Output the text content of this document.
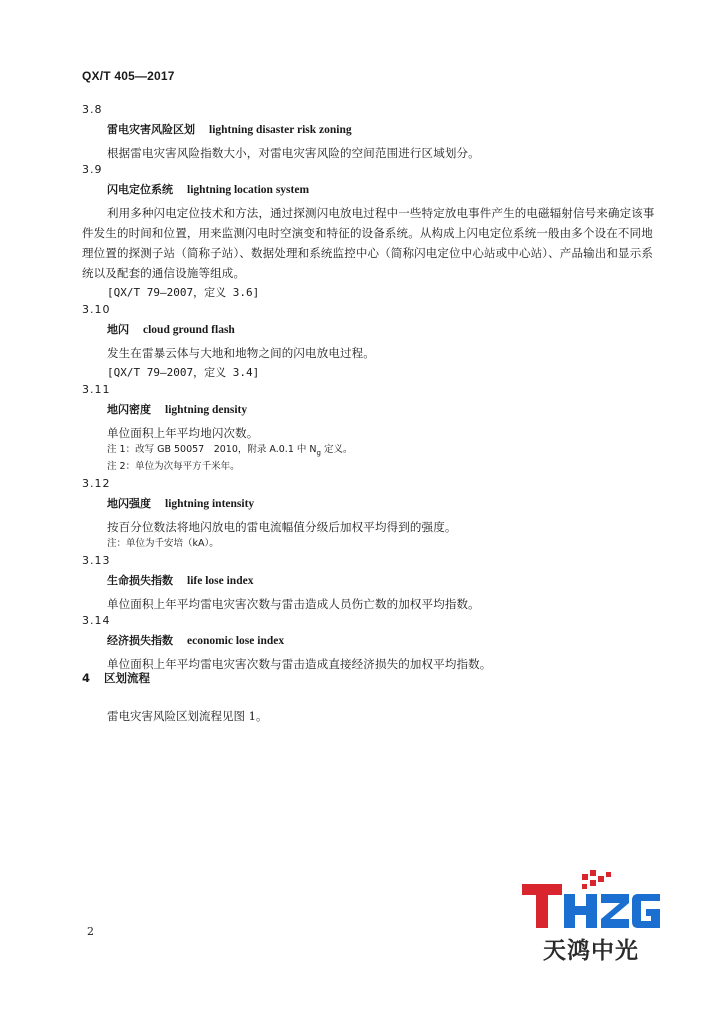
QX/T 405—2017
3.8
雷电灾害风险区划 lightning disaster risk zoning

根据雷电灾害风险指数大小，对雷电灾害风险的空间范围进行区域划分。

3.9
闪电定位系统 lightning location system

利用多种闪电定位技术和方法，通过探测闪电放电过程中一些特定放电事件产生的电磁辐射信号来确定该事件发生的时间和位置，用来监测闪电时空演变和特征的设备系统。从构成上闪电定位系统一般由多个设在不同地理位置的探测子站（简称子站）、数据处理和系统监控中心（简称闪电定位中心站或中心站）、产品输出和显示系统以及配套的通信设施等组成。

[QX/T 79—2007，定义 3.6]
3.10
地闪 cloud ground flash

发生在雷暴云体与大地和地物之间的闪电放电过程。

[QX/T 79—2007，定义 3.4]
3.11
地闪密度 lightning density

单位面积上年平均地闪次数。

注 1：改写 GB 50057　2010，附录 A.0.1 中 $N_g$ 定义。
注 2：单位为次每平方千米年。
3.12
地闪强度 lightning intensity

按百分位数法将地闪放电的雷电流幅值分级后加权平均得到的强度。

注：单位为千安培（kA）。
3.13
生命损失指数 life lose index

单位面积上年平均雷电灾害次数与雷击造成人员伤亡数的加权平均指数。

3.14
经济损失指数 economic lose index

单位面积上年平均雷电灾害次数与雷击造成直接经济损失的加权平均指数。

4 区划流程
雷电灾害风险区划流程见图 1。
2
天鸿中光
